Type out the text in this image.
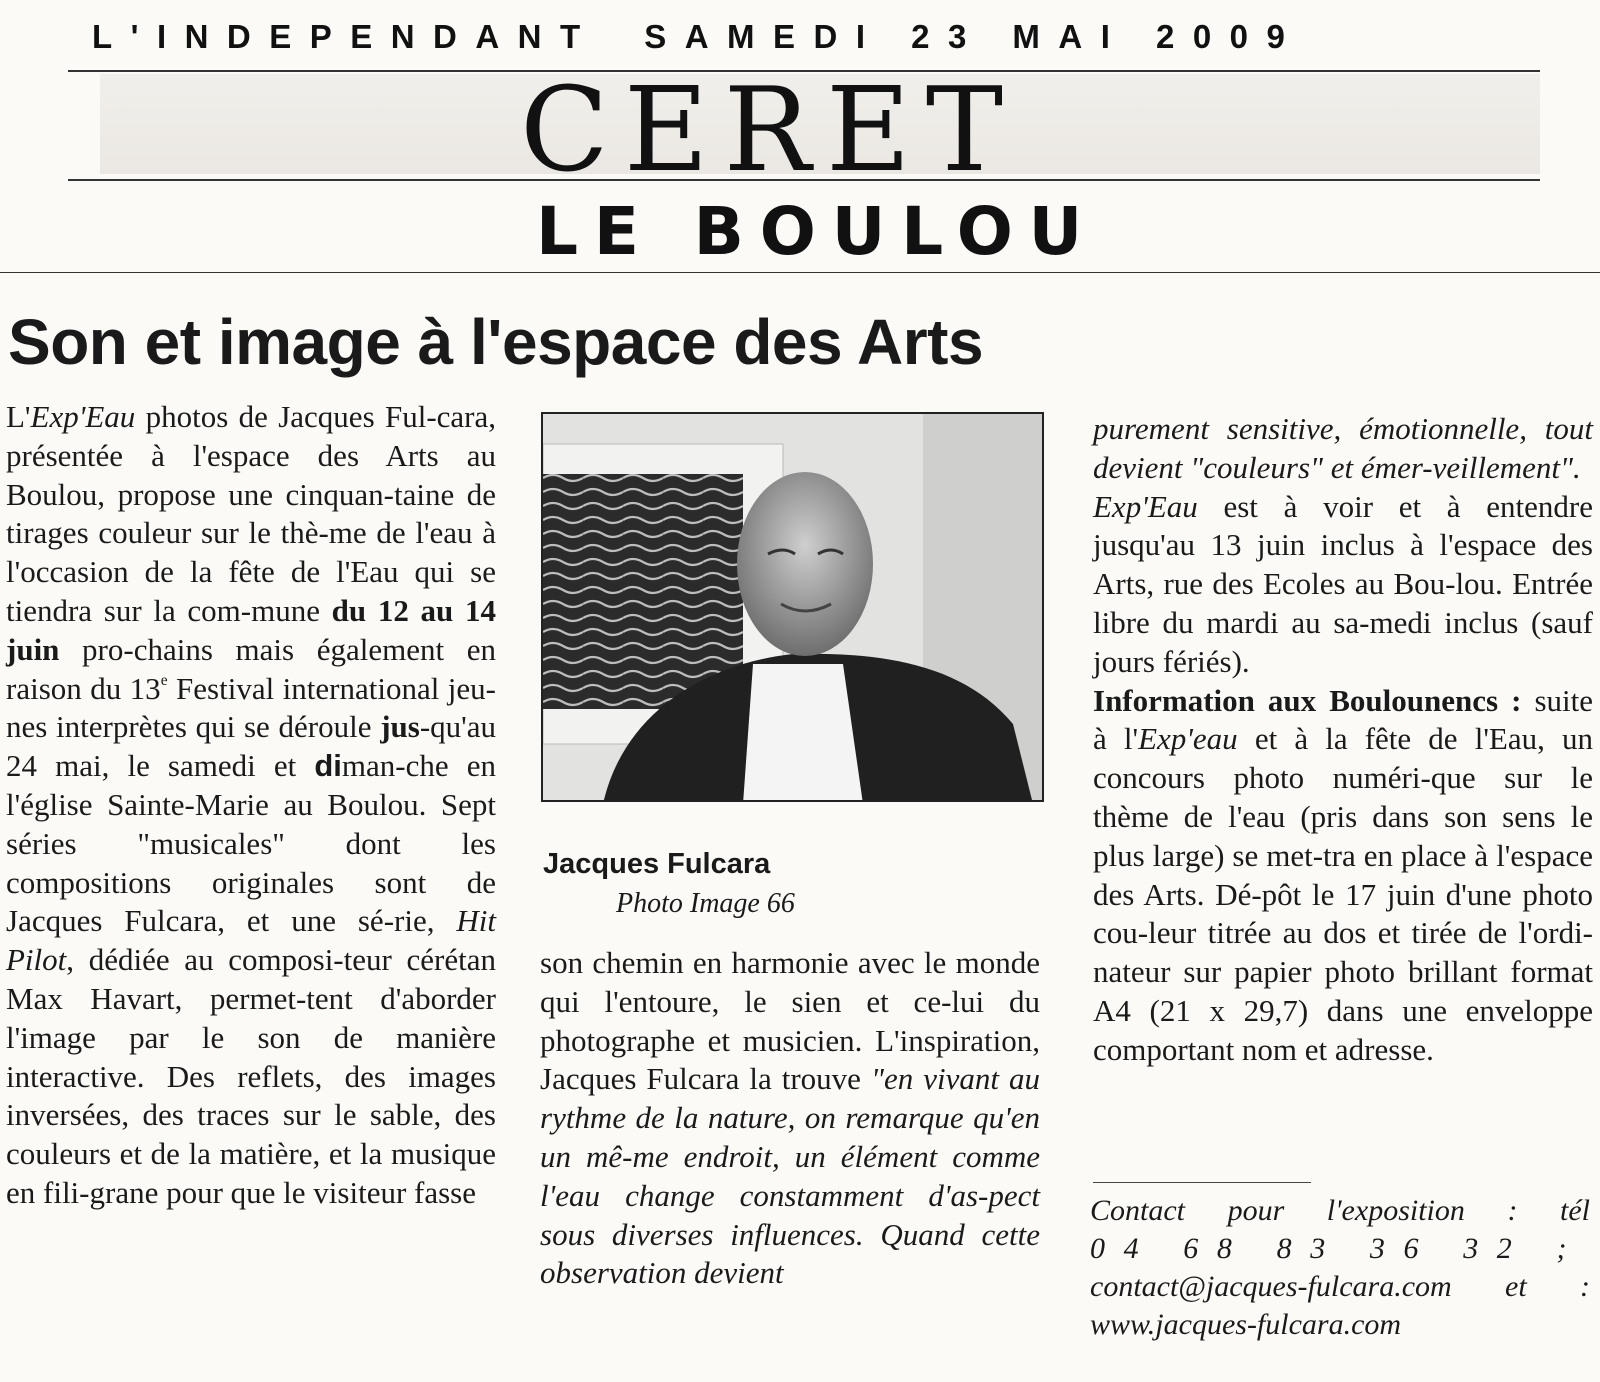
L'INDEPENDANT SAMEDI 23 MAI 2009
CERET
LE BOULOU
Son et image à l'espace des Arts

L'Exp'Eau photos de Jacques Ful-cara, présentée à l'espace des Arts au Boulou, propose une cinquan-taine de tirages couleur sur le thè-me de l'eau à l'occasion de la fête de l'Eau qui se tiendra sur la com-mune du 12 au 14 juin pro-chains mais également en raison du 13e Festival international jeu-nes interprètes qui se déroule jus-qu'au 24 mai, le samedi et diman-che en l'église Sainte-Marie au Boulou. Sept séries "musicales" dont les compositions originales sont de Jacques Fulcara, et une sé-rie, Hit Pilot, dédiée au composi-teur cérétan Max Havart, permet-tent d'aborder l'image par le son de manière interactive. Des reflets, des images inversées, des traces sur le sable, des couleurs et de la matière, et la musique en fili-grane pour que le visiteur fasse

Jacques Fulcara
Photo Image 66

son chemin en harmonie avec le monde qui l'entoure, le sien et ce-lui du photographe et musicien. L'inspiration, Jacques Fulcara la trouve "en vivant au rythme de la nature, on remarque qu'en un mê-me endroit, un élément comme l'eau change constamment d'as-pect sous diverses influences. Quand cette observation devient

purement sensitive, émotionnelle, tout devient "couleurs" et émer-veillement".

Exp'Eau est à voir et à entendre jusqu'au 13 juin inclus à l'espace des Arts, rue des Ecoles au Bou-lou. Entrée libre du mardi au sa-medi inclus (sauf jours fériés).

Information aux Boulounencs : suite à l'Exp'eau et à la fête de l'Eau, un concours photo numéri-que sur le thème de l'eau (pris dans son sens le plus large) se met-tra en place à l'espace des Arts. Dé-pôt le 17 juin d'une photo cou-leur titrée au dos et tirée de l'ordi-nateur sur papier photo brillant format A4 (21 x 29,7) dans une enveloppe comportant nom et adresse.

Contact pour l'exposition : tél
04 68 83 36 32 ;
contact@jacques-fulcara.com et :
www.jacques-fulcara.com
